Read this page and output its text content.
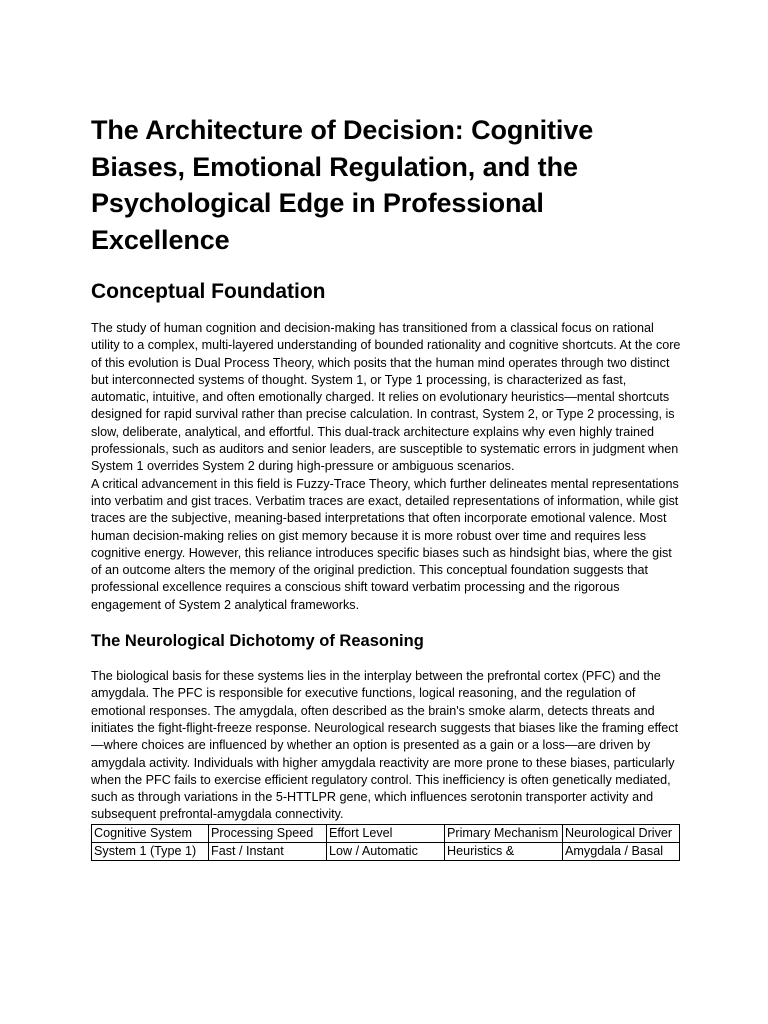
The Architecture of Decision: Cognitive Biases, Emotional Regulation, and the Psychological Edge in Professional Excellence
Conceptual Foundation

The study of human cognition and decision-making has transitioned from a classical focus on rational utility to a complex, multi-layered understanding of bounded rationality and cognitive shortcuts. At the core of this evolution is Dual Process Theory, which posits that the human mind operates through two distinct but interconnected systems of thought. System 1, or Type 1 processing, is characterized as fast, automatic, intuitive, and often emotionally charged. It relies on evolutionary heuristics—mental shortcuts designed for rapid survival rather than precise calculation. In contrast, System 2, or Type 2 processing, is slow, deliberate, analytical, and effortful. This dual-track architecture explains why even highly trained professionals, such as auditors and senior leaders, are susceptible to systematic errors in judgment when System 1 overrides System 2 during high-pressure or ambiguous scenarios.

A critical advancement in this field is Fuzzy-Trace Theory, which further delineates mental representations into verbatim and gist traces. Verbatim traces are exact, detailed representations of information, while gist traces are the subjective, meaning-based interpretations that often incorporate emotional valence. Most human decision-making relies on gist memory because it is more robust over time and requires less cognitive energy. However, this reliance introduces specific biases such as hindsight bias, where the gist of an outcome alters the memory of the original prediction. This conceptual foundation suggests that professional excellence requires a conscious shift toward verbatim processing and the rigorous engagement of System 2 analytical frameworks.

The Neurological Dichotomy of Reasoning

The biological basis for these systems lies in the interplay between the prefrontal cortex (PFC) and the amygdala. The PFC is responsible for executive functions, logical reasoning, and the regulation of emotional responses. The amygdala, often described as the brain's smoke alarm, detects threats and initiates the fight-flight-freeze response. Neurological research suggests that biases like the framing effect—where choices are influenced by whether an option is presented as a gain or a loss—are driven by amygdala activity. Individuals with higher amygdala reactivity are more prone to these biases, particularly when the PFC fails to exercise efficient regulatory control. This inefficiency is often genetically mediated, such as through variations in the 5-HTTLPR gene, which influences serotonin transporter activity and subsequent prefrontal-amygdala connectivity.

Cognitive System	Processing Speed	Effort Level	Primary Mechanism	Neurological Driver
System 1 (Type 1)	Fast / Instant	Low / Automatic	Heuristics &	Amygdala / Basal
